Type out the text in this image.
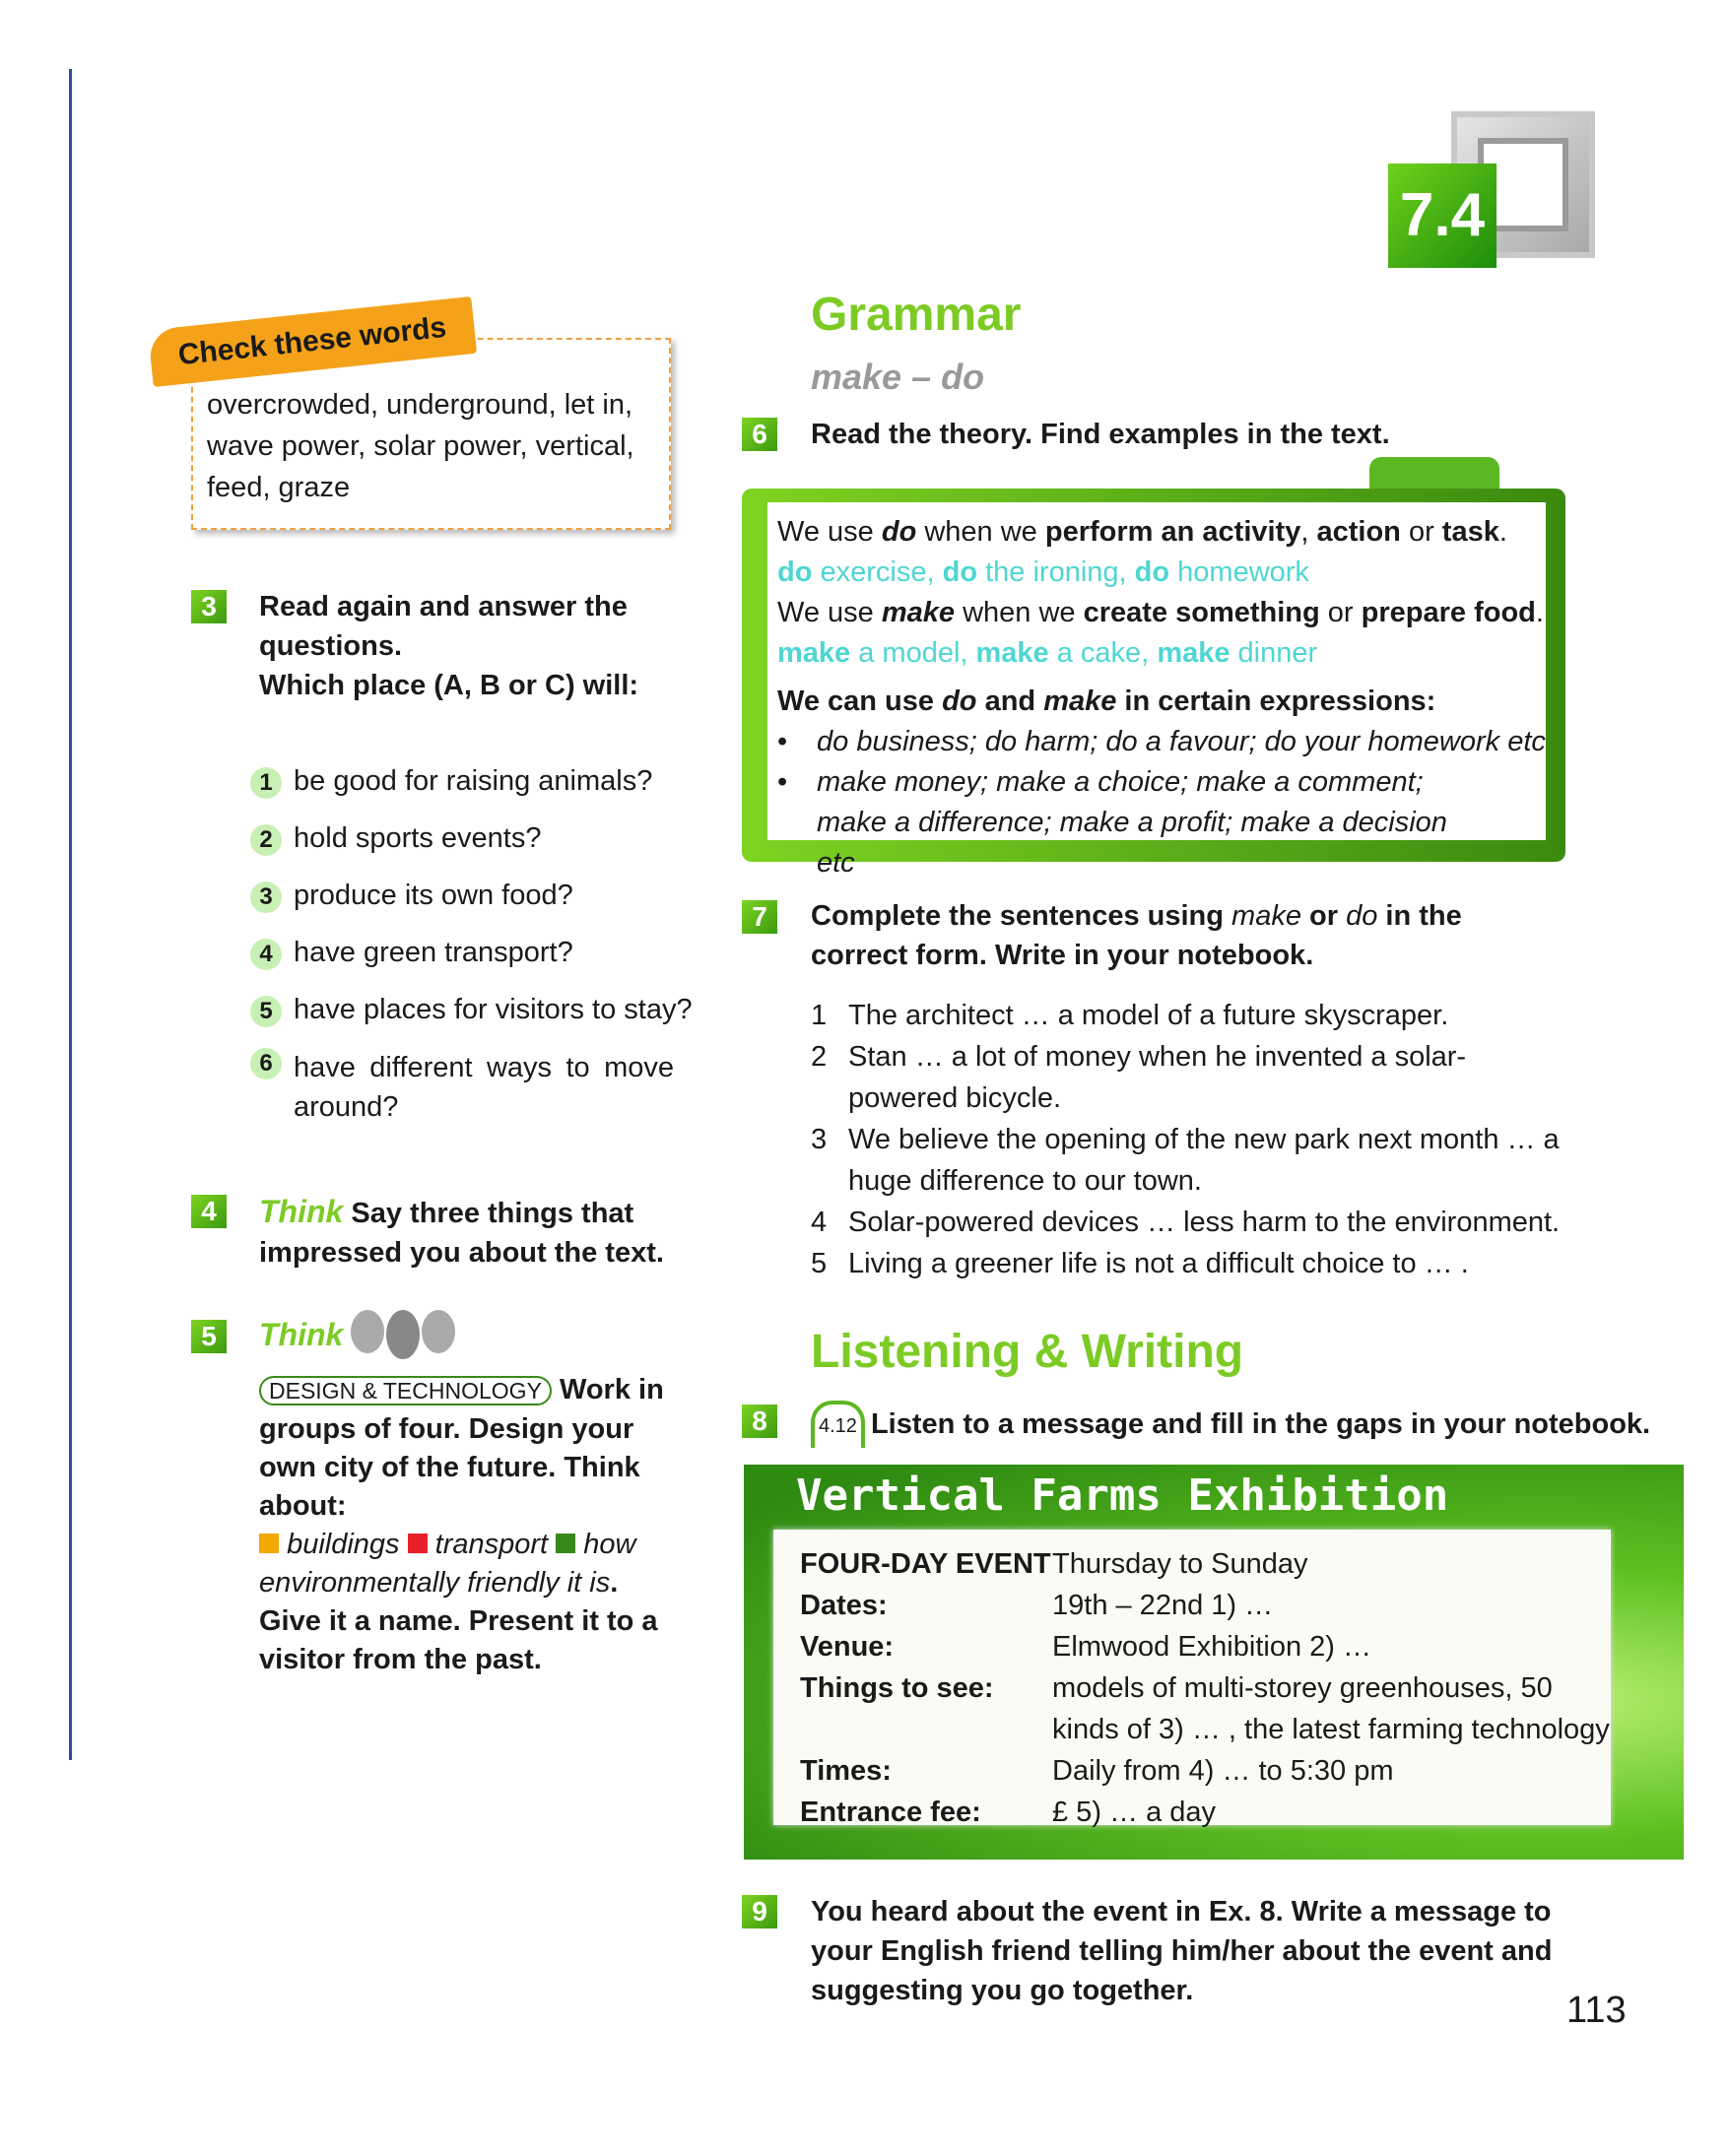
7.4
overcrowded, underground, let in, wave power, solar power, vertical, feed, graze
Check these words
3	Read again and answer the questions.
Which place (A, B or C) will:
1 be good for raising animals?
2 hold sports events?
3 produce its own food?
4 have green transport?
5 have places for visitors to stay?
6 have different ways to move around?
4	Think Say three things that impressed you about the text.
5	Think
DESIGN & TECHNOLOGY Work in groups of four. Design your own city of the future. Think about:
buildings transport how environmentally friendly it is. Give it a name. Present it to a visitor from the past.
Grammar
make – do
6	Read the theory. Find examples in the text.
We use do when we perform an activity, action or task.
do exercise, do the ironing, do homework
We use make when we create something or prepare food.
make a model, make a cake, make dinner
We can use do and make in certain expressions:
•	do business; do harm; do a favour; do your homework etc
•	make money; make a choice; make a comment; make a difference; make a profit; make a decision etc
7	Complete the sentences using make or do in the correct form. Write in your notebook.
1 The architect … a model of a future skyscraper.
2 Stan … a lot of money when he invented a solar-powered bicycle.
3 We believe the opening of the new park next month … a huge difference to our town.
4 Solar-powered devices … less harm to the environment.
5 Living a greener life is not a difficult choice to … .
Listening & Writing
8	4.12 Listen to a message and fill in the gaps in your notebook.
Vertical Farms Exhibition
FOUR-DAY EVENT Thursday to Sunday
Dates:	19th – 22nd 1) …
Venue:	Elmwood Exhibition 2) …
Things to see:	models of multi-storey greenhouses, 50 kinds of 3) … , the latest farming technology
Times:	Daily from 4) … to 5:30 pm
Entrance fee:	£ 5) … a day
9	You heard about the event in Ex. 8. Write a message to your English friend telling him/her about the event and suggesting you go together.	113
